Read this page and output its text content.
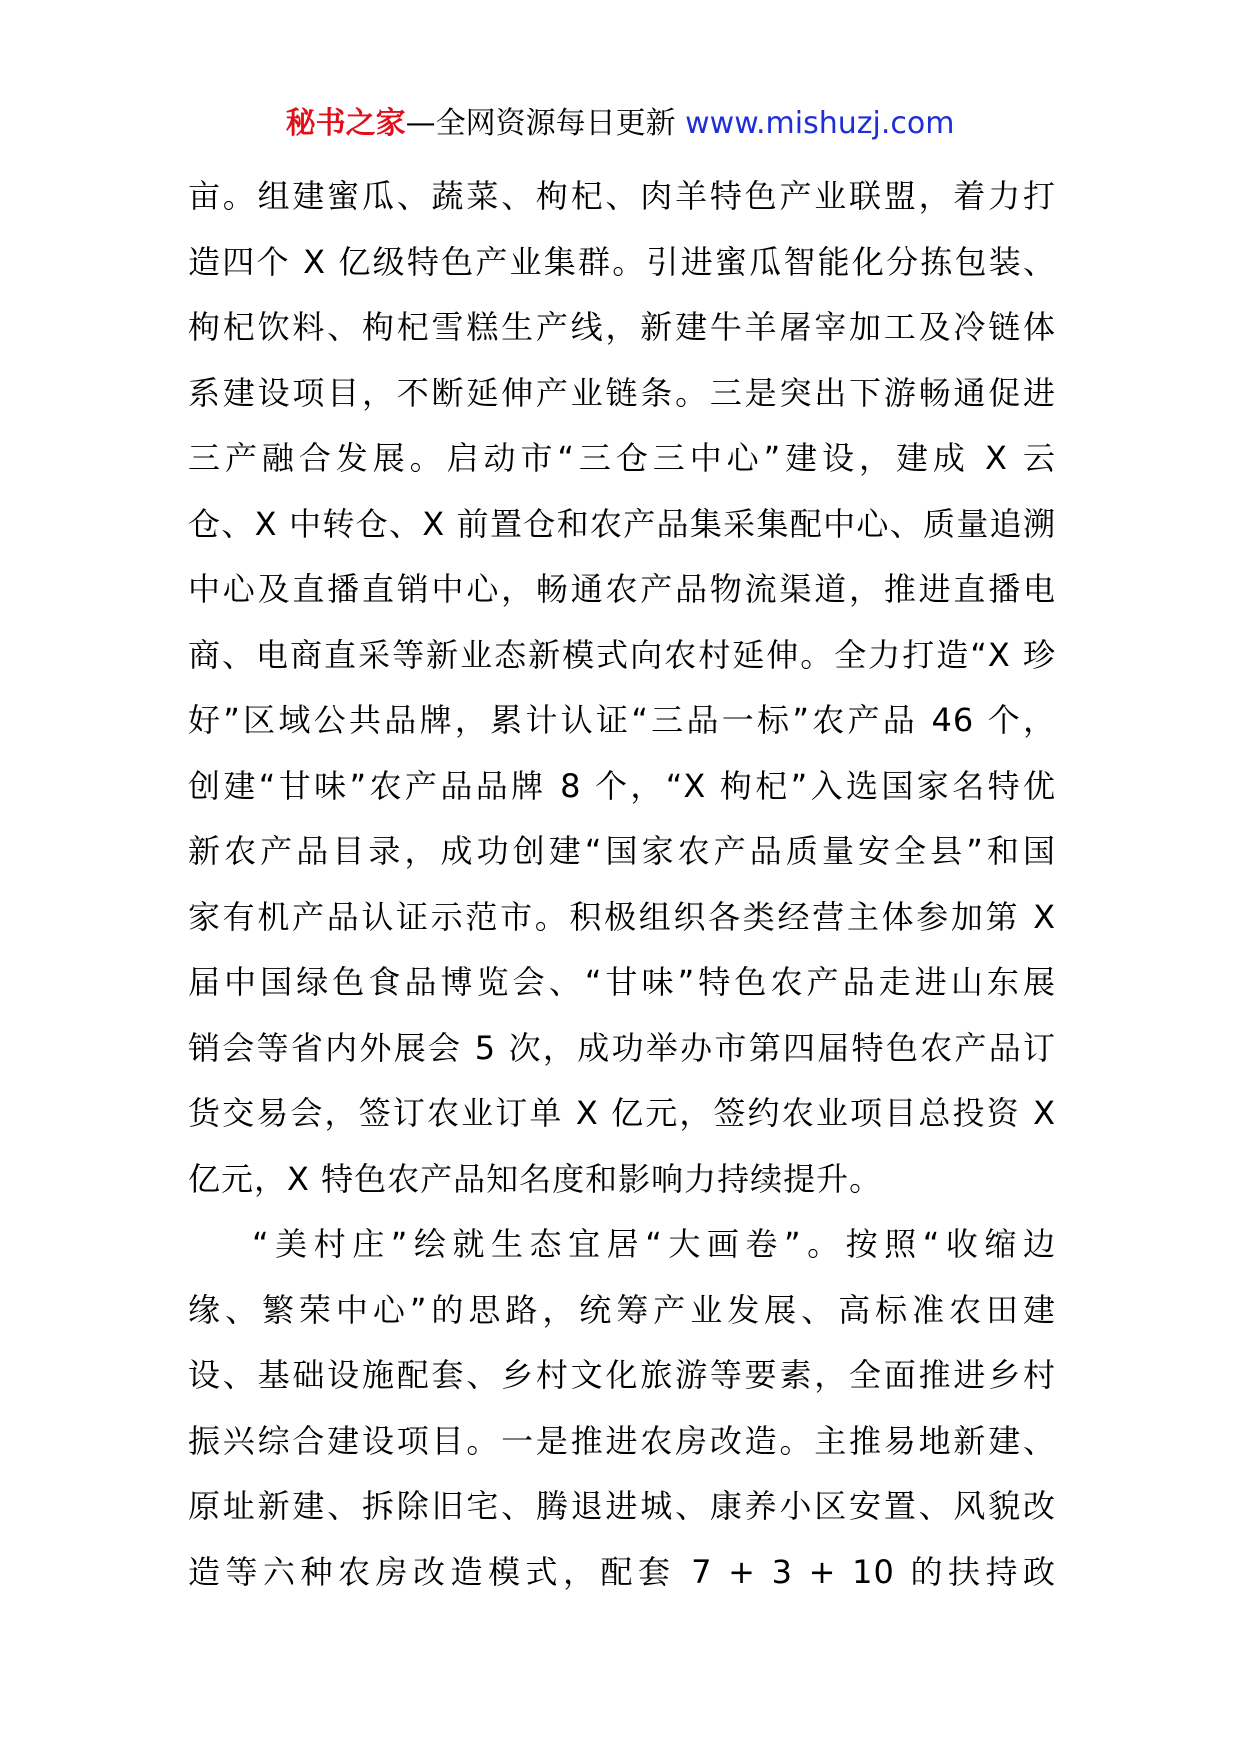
秘书之家—全网资源每日更新 www.mishuzj.com
亩。组建蜜瓜、蔬菜、枸杞、肉羊特色产业联盟，着力打
造四个 X 亿级特色产业集群。引进蜜瓜智能化分拣包装、
枸杞饮料、枸杞雪糕生产线，新建牛羊屠宰加工及冷链体
系建设项目，不断延伸产业链条。三是突出下游畅通促进
三产融合发展。启动市“三仓三中心”建设，建成 X 云
仓、X 中转仓、X 前置仓和农产品集采集配中心、质量追溯
中心及直播直销中心，畅通农产品物流渠道，推进直播电
商、电商直采等新业态新模式向农村延伸。全力打造“X 珍
好”区域公共品牌，累计认证“三品一标”农产品 46 个，
创建“甘味”农产品品牌 8 个，“X 枸杞”入选国家名特优
新农产品目录，成功创建“国家农产品质量安全县”和国
家有机产品认证示范市。积极组织各类经营主体参加第 X
届中国绿色食品博览会、“甘味”特色农产品走进山东展
销会等省内外展会 5 次，成功举办市第四届特色农产品订
货交易会，签订农业订单 X 亿元，签约农业项目总投资 X
亿元，X 特色农产品知名度和影响力持续提升。
“美村庄”绘就生态宜居“大画卷”。按照“收缩边
缘、繁荣中心”的思路，统筹产业发展、高标准农田建
设、基础设施配套、乡村文化旅游等要素，全面推进乡村
振兴综合建设项目。一是推进农房改造。主推易地新建、
原址新建、拆除旧宅、腾退进城、康养小区安置、风貌改
造等六种农房改造模式，配套 7 + 3 + 10 的扶持政
